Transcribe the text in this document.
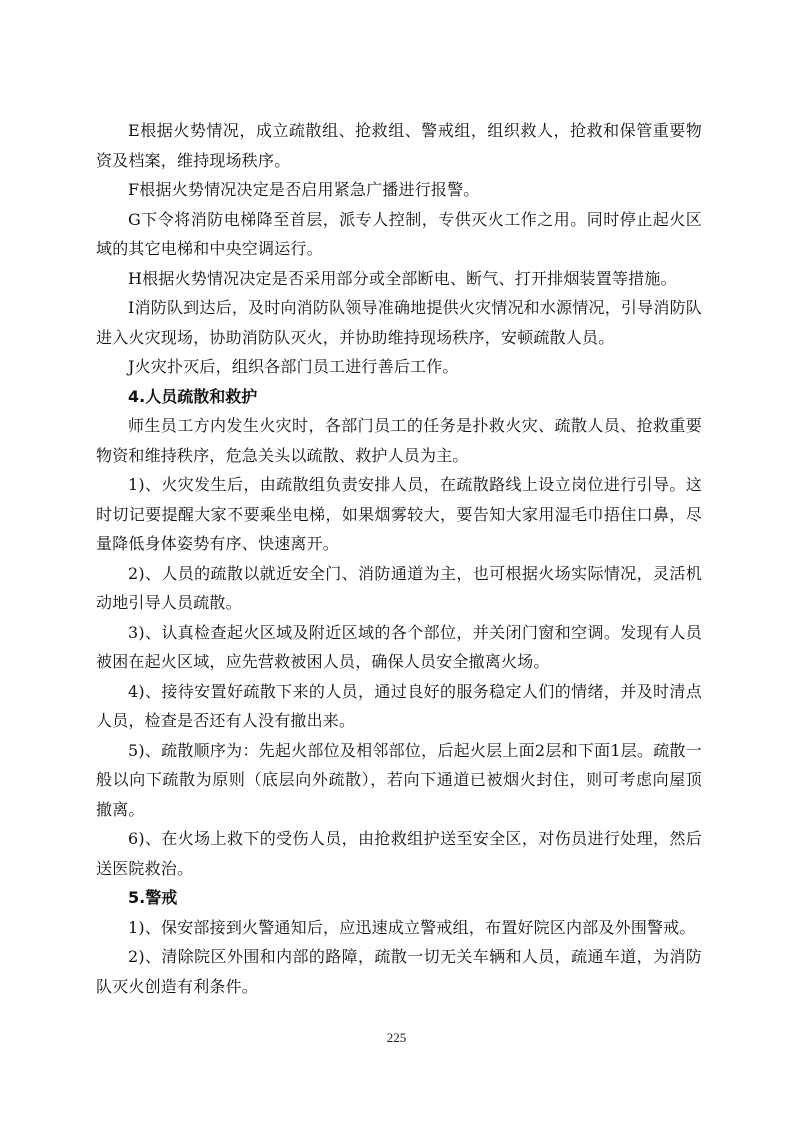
E根据火势情况，成立疏散组、抢救组、警戒组，组织救人，抢救和保管重要物资及档案，维持现场秩序。

F根据火势情况决定是否启用紧急广播进行报警。

G下令将消防电梯降至首层，派专人控制，专供灭火工作之用。同时停止起火区域的其它电梯和中央空调运行。

H根据火势情况决定是否采用部分或全部断电、断气、打开排烟装置等措施。

I消防队到达后，及时向消防队领导准确地提供火灾情况和水源情况，引导消防队进入火灾现场，协助消防队灭火，并协助维持现场秩序，安顿疏散人员。

J火灾扑灭后，组织各部门员工进行善后工作。

4.人员疏散和救护

师生员工方内发生火灾时，各部门员工的任务是扑救火灾、疏散人员、抢救重要物资和维持秩序，危急关头以疏散、救护人员为主。

1)、火灾发生后，由疏散组负责安排人员，在疏散路线上设立岗位进行引导。这时切记要提醒大家不要乘坐电梯，如果烟雾较大，要告知大家用湿毛巾捂住口鼻，尽量降低身体姿势有序、快速离开。

2)、人员的疏散以就近安全门、消防通道为主，也可根据火场实际情况，灵活机动地引导人员疏散。

3)、认真检查起火区域及附近区域的各个部位，并关闭门窗和空调。发现有人员被困在起火区域，应先营救被困人员，确保人员安全撤离火场。

4)、接待安置好疏散下来的人员，通过良好的服务稳定人们的情绪，并及时清点人员，检查是否还有人没有撤出来。

5)、疏散顺序为：先起火部位及相邻部位，后起火层上面2层和下面1层。疏散一般以向下疏散为原则（底层向外疏散），若向下通道已被烟火封住，则可考虑向屋顶撤离。

6)、在火场上救下的受伤人员，由抢救组护送至安全区，对伤员进行处理，然后送医院救治。

5.警戒

1)、保安部接到火警通知后，应迅速成立警戒组，布置好院区内部及外围警戒。

2)、清除院区外围和内部的路障，疏散一切无关车辆和人员，疏通车道，为消防队灭火创造有利条件。

225
